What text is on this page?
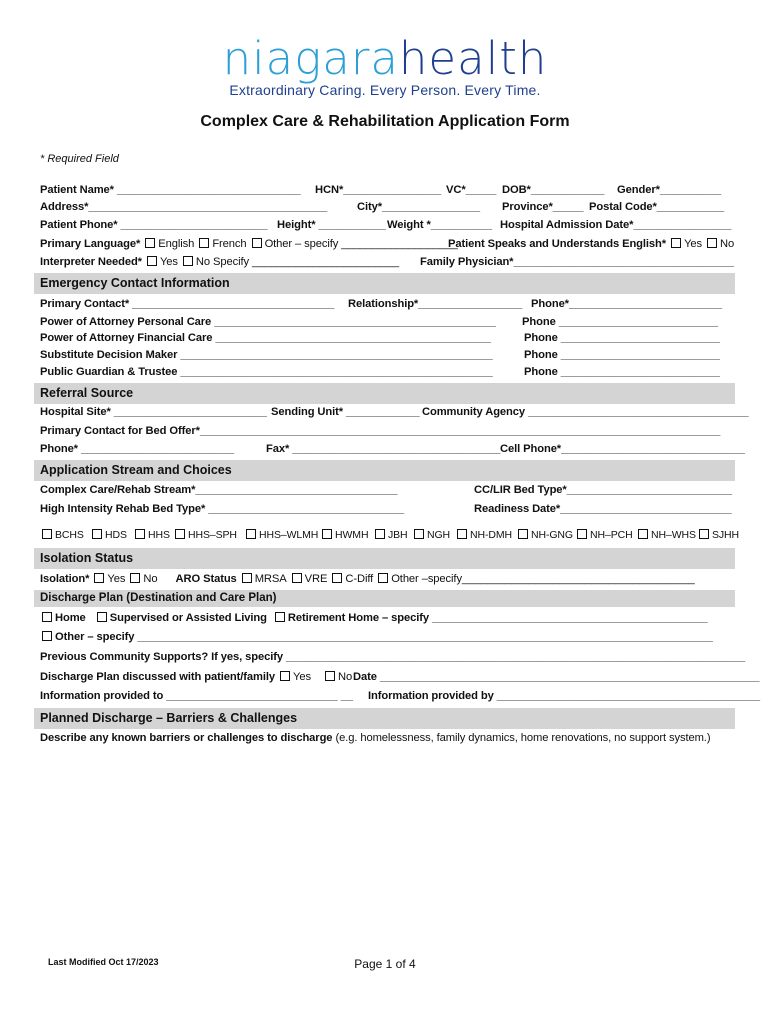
niagarahealth
Extraordinary Caring. Every Person. Every Time.
Complex Care & Rehabilitation Application Form
* Required Field
Patient Name* ______________________________ HCN*________________ VC*_____ DOB*____________ Gender*__________
Address*_______________________________________	City*________________ Province*_____ Postal Code*___________
Patient Phone* ________________________ Height* ___________ Weight *__________ Hospital Admission Date*________________
Primary Language* English French Other – specify ___________________
Patient Speaks and Understands English* Yes No
Interpreter Needed* Yes No Specify ________________________ Family Physician*____________________________________
Emergency Contact Information
Primary Contact* _________________________________ Relationship*_________________ Phone*_________________________
Power of Attorney Personal Care ______________________________________________ Phone __________________________
Power of Attorney Financial Care _____________________________________________	Phone __________________________
Substitute Decision Maker ___________________________________________________	Phone __________________________
Public Guardian & Trustee ___________________________________________________	Phone __________________________
Referral Source
Hospital Site* _________________________ Sending Unit* ____________ Community Agency ____________________________________
Primary Contact for Bed Offer*_____________________________________________________________________________________
Phone* _________________________	Fax* __________________________________ Cell Phone*______________________________
Application Stream and Choices
Complex Care/Rehab Stream*_________________________________	CC/LIR Bed Type*___________________________
High Intensity Rehab Bed Type* ________________________________	Readiness Date*____________________________
BCHS	HDS	HHS	HHS–SPH	HHS–WLMH	HWMH	JBH	NGH	NH-DMH	NH-GNG	NH–PCH	NH–WHS	SJHH
Isolation Status
Isolation* Yes No ARO Status MRSA VRE C-Diff Other –specify______________________________________
Discharge Plan (Destination and Care Plan)
Home Supervised or Assisted Living Retirement Home – specify _____________________________________________
Other – specify ______________________________________________________________________________________________
Previous Community Supports? If yes, specify ___________________________________________________________________________
Discharge Plan discussed with patient/family Yes No Date ______________________________________________________________
Information provided to ____________________________ __ Information provided by ___________________________________________
Planned Discharge – Barriers & Challenges
Describe any known barriers or challenges to discharge (e.g. homelessness, family dynamics, home renovations, no support system.)
Last Modified Oct 17/2023	Page 1 of 4
